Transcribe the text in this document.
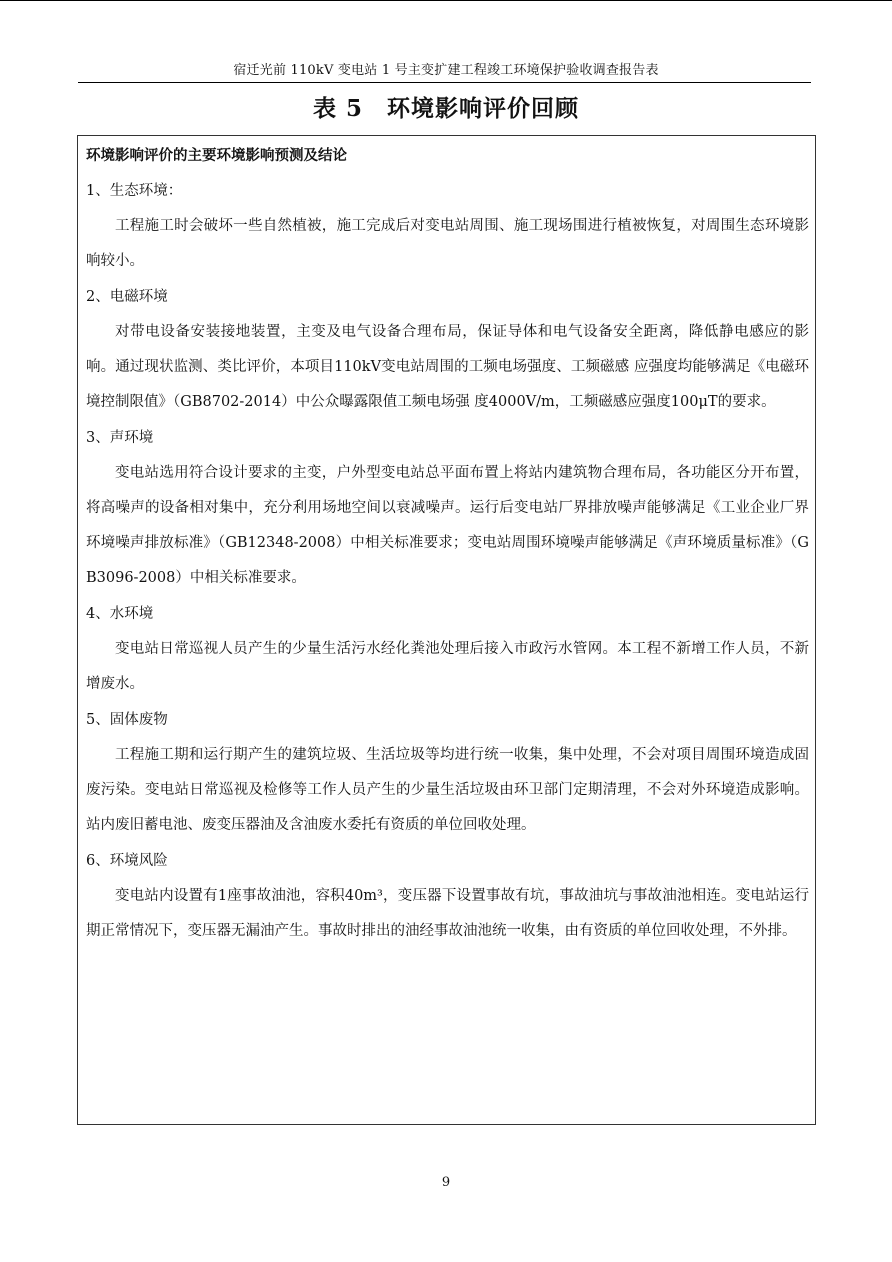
宿迁光前 110kV 变电站 1 号主变扩建工程竣工环境保护验收调查报告表
表 5　环境影响评价回顾
环境影响评价的主要环境影响预测及结论
1、生态环境：

工程施工时会破坏一些自然植被，施工完成后对变电站周围、施工现场围进行植被恢复，对周围生态环境影响较小。

2、电磁环境

对带电设备安装接地装置，主变及电气设备合理布局，保证导体和电气设备安全距离，降低静电感应的影响。通过现状监测、类比评价，本项目110kV变电站周围的工频电场强度、工频磁感 应强度均能够满足《电磁环境控制限值》（GB8702-2014）中公众曝露限值工频电场强 度4000V/m，工频磁感应强度100μT的要求。

3、声环境

变电站选用符合设计要求的主变，户外型变电站总平面布置上将站内建筑物合理布局，各功能区分开布置，将高噪声的设备相对集中，充分利用场地空间以衰减噪声。运行后变电站厂界排放噪声能够满足《工业企业厂界环境噪声排放标准》（GB12348-2008）中相关标准要求；变电站周围环境噪声能够满足《声环境质量标准》（GB3096-2008）中相关标准要求。

4、水环境

变电站日常巡视人员产生的少量生活污水经化粪池处理后接入市政污水管网。本工程不新增工作人员，不新增废水。

5、固体废物

工程施工期和运行期产生的建筑垃圾、生活垃圾等均进行统一收集，集中处理，不会对项目周围环境造成固废污染。变电站日常巡视及检修等工作人员产生的少量生活垃圾由环卫部门定期清理，不会对外环境造成影响。站内废旧蓄电池、废变压器油及含油废水委托有资质的单位回收处理。

6、环境风险

变电站内设置有1座事故油池，容积40m³，变压器下设置事故有坑，事故油坑与事故油池相连。变电站运行期正常情况下，变压器无漏油产生。事故时排出的油经事故油池统一收集，由有资质的单位回收处理，不外排。

9
